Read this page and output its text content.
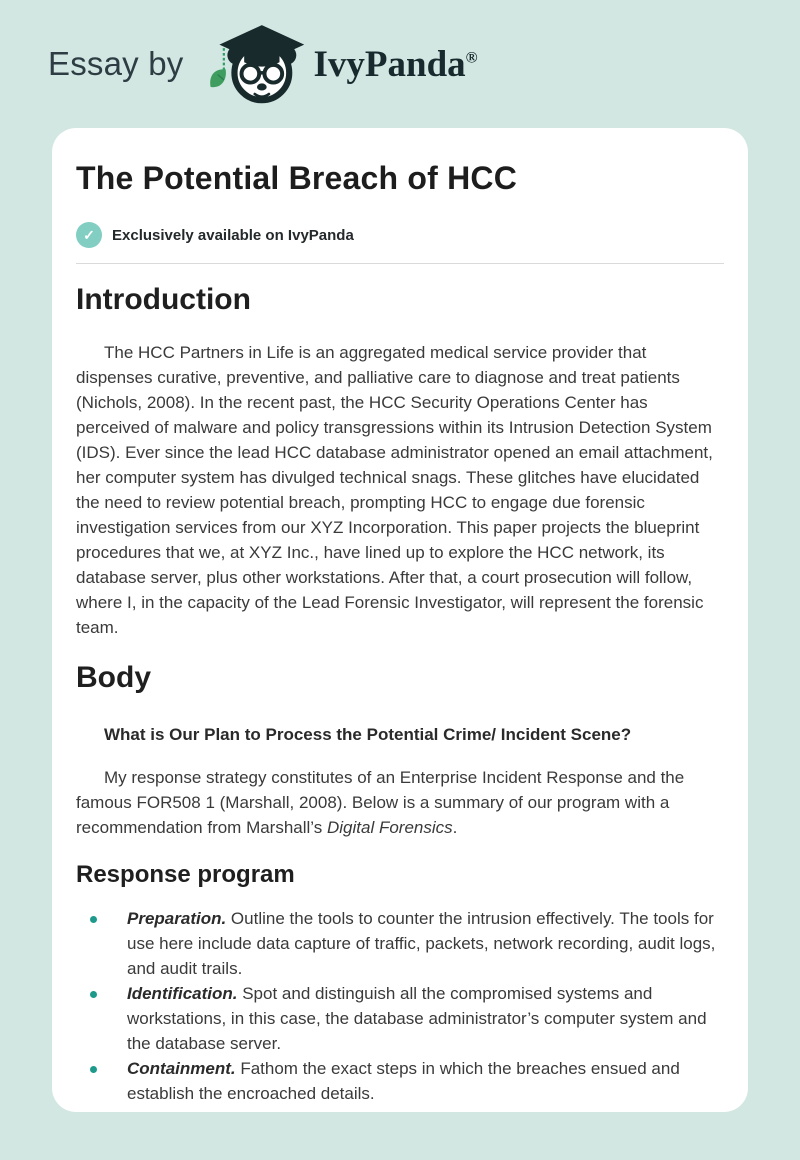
Essay by	IvyPanda®
The Potential Breach of HCC
✓	Exclusively available on IvyPanda
Introduction

The HCC Partners in Life is an aggregated medical service provider that dispenses curative, preventive, and palliative care to diagnose and treat patients (Nichols, 2008). In the recent past, the HCC Security Operations Center has perceived of malware and policy transgressions within its Intrusion Detection System (IDS). Ever since the lead HCC database administrator opened an email attachment, her computer system has divulged technical snags. These glitches have elucidated the need to review potential breach, prompting HCC to engage due forensic investigation services from our XYZ Incorporation. This paper projects the blueprint procedures that we, at XYZ Inc., have lined up to explore the HCC network, its database server, plus other workstations. After that, a court prosecution will follow, where I, in the capacity of the Lead Forensic Investigator, will represent the forensic team.

Body

What is Our Plan to Process the Potential Crime/ Incident Scene?

My response strategy constitutes of an Enterprise Incident Response and the famous FOR508 1 (Marshall, 2008). Below is a summary of our program with a recommendation from Marshall’s Digital Forensics.

Response program
Preparation. Outline the tools to counter the intrusion effectively. The tools for use here include data capture of traffic, packets, network recording, audit logs, and audit trails.
Identification. Spot and distinguish all the compromised systems and workstations, in this case, the database administrator’s computer system and the database server.
Containment. Fathom the exact steps in which the breaches ensued and establish the encroached details.
